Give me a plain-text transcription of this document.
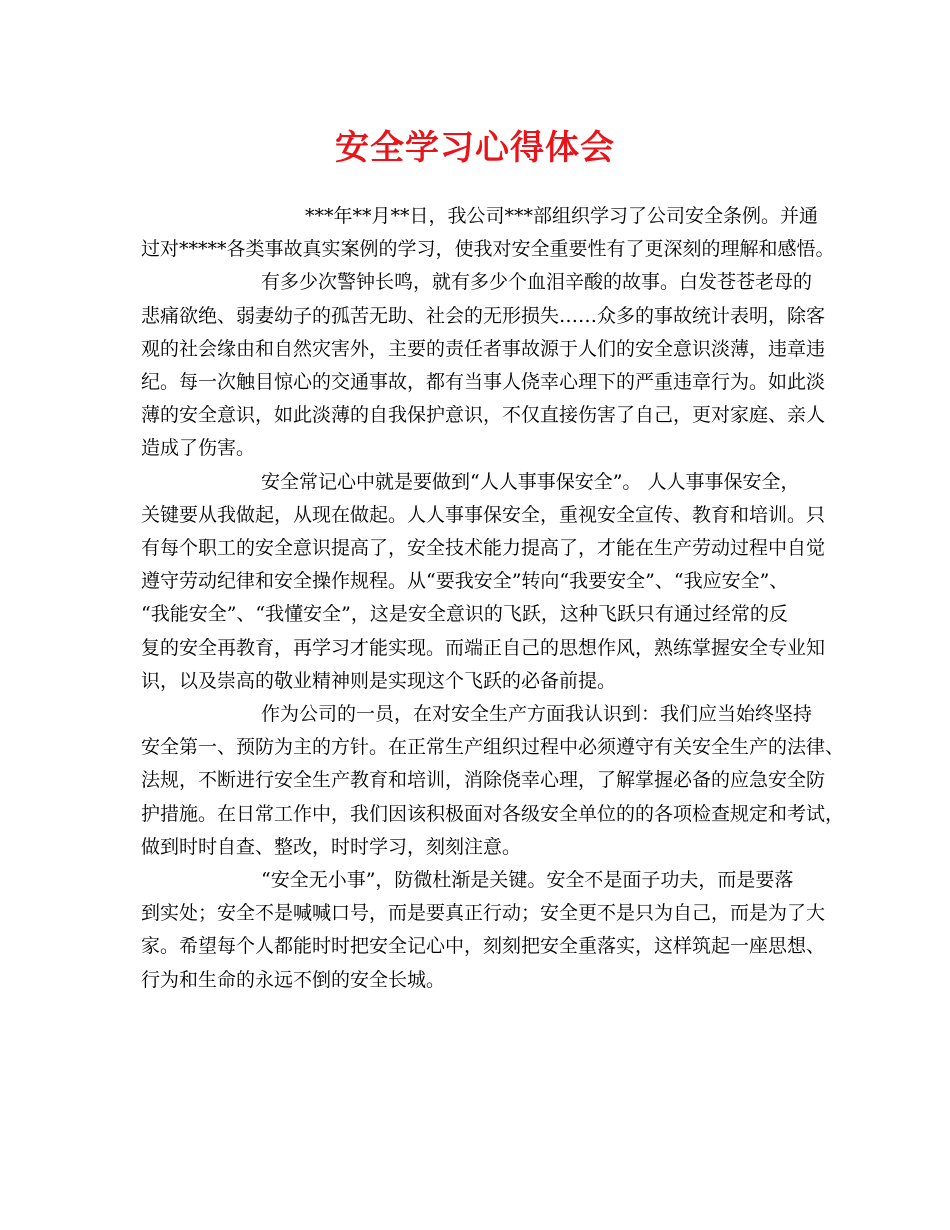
安全学习心得体会
***年**月**日，我公司***部组织学习了公司安全条例。并通
过对*****各类事故真实案例的学习，使我对安全重要性有了更深刻的理解和感悟。
有多少次警钟长鸣，就有多少个血泪辛酸的故事。白发苍苍老母的
悲痛欲绝、弱妻幼子的孤苦无助、社会的无形损失……众多的事故统计表明，除客
观的社会缘由和自然灾害外，主要的责任者事故源于人们的安全意识淡薄，违章违
纪。每一次触目惊心的交通事故，都有当事人侥幸心理下的严重违章行为。如此淡
薄的安全意识，如此淡薄的自我保护意识，不仅直接伤害了自己，更对家庭、亲人
造成了伤害。
安全常记心中就是要做到“人人事事保安全”。 人人事事保安全，
关键要从我做起，从现在做起。人人事事保安全，重视安全宣传、教育和培训。只
有每个职工的安全意识提高了，安全技术能力提高了，才能在生产劳动过程中自觉
遵守劳动纪律和安全操作规程。从“要我安全”转向“我要安全”、“我应安全”、
“我能安全”、“我懂安全”，这是安全意识的飞跃，这种飞跃只有通过经常的反
复的安全再教育，再学习才能实现。而端正自己的思想作风，熟练掌握安全专业知
识，以及崇高的敬业精神则是实现这个飞跃的必备前提。
作为公司的一员，在对安全生产方面我认识到：我们应当始终坚持
安全第一、预防为主的方针。在正常生产组织过程中必须遵守有关安全生产的法律、
法规，不断进行安全生产教育和培训，消除侥幸心理，了解掌握必备的应急安全防
护措施。在日常工作中，我们因该积极面对各级安全单位的的各项检查规定和考试，
做到时时自查、整改，时时学习，刻刻注意。
“安全无小事”，防微杜渐是关键。安全不是面子功夫，而是要落
到实处；安全不是喊喊口号，而是要真正行动；安全更不是只为自己，而是为了大
家。希望每个人都能时时把安全记心中，刻刻把安全重落实，这样筑起一座思想、
行为和生命的永远不倒的安全长城。
